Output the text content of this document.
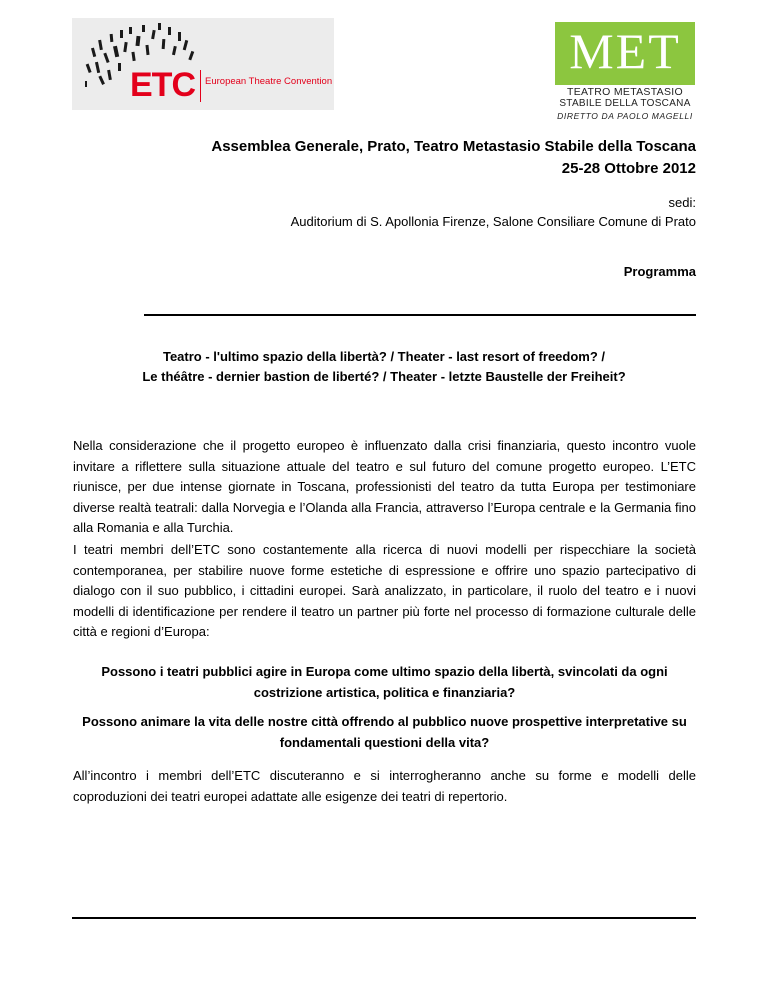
ETC European Theatre Convention
MET
TEATRO METASTASIO
STABILE DELLA TOSCANA
DIRETTO DA PAOLO MAGELLI
Assemblea Generale, Prato, Teatro Metastasio Stabile della Toscana
25-28 Ottobre 2012
sedi:
Auditorium di S. Apollonia Firenze, Salone Consiliare Comune di Prato
Programma
Teatro - l'ultimo spazio della libertà? / Theater - last resort of freedom? /
Le théâtre - dernier bastion de liberté? / Theater - letzte Baustelle der Freiheit?
Nella considerazione che il progetto europeo è influenzato dalla crisi finanziaria, questo incontro vuole invitare a riflettere sulla situazione attuale del teatro e sul futuro del comune progetto europeo. L’ETC riunisce, per due intense giornate in Toscana, professionisti del teatro da tutta Europa per testimoniare diverse realtà teatrali: dalla Norvegia e l’Olanda alla Francia, attraverso l’Europa centrale e la Germania fino alla Romania e alla Turchia.
I teatri membri dell’ETC sono costantemente alla ricerca di nuovi modelli per rispecchiare la società contemporanea, per stabilire nuove forme estetiche di espressione e offrire uno spazio partecipativo di dialogo con il suo pubblico, i cittadini europei. Sarà analizzato, in particolare, il ruolo del teatro e i nuovi modelli di identificazione per rendere il teatro un partner più forte nel processo di formazione culturale delle città e regioni d’Europa:
Possono i teatri pubblici agire in Europa come ultimo spazio della libertà, svincolati da ogni costrizione artistica, politica e finanziaria?
Possono animare la vita delle nostre città offrendo al pubblico nuove prospettive interpretative su fondamentali questioni della vita?
All’incontro i membri dell’ETC discuteranno e si interrogheranno anche su forme e modelli delle coproduzioni dei teatri europei adattate alle esigenze dei teatri di repertorio.
